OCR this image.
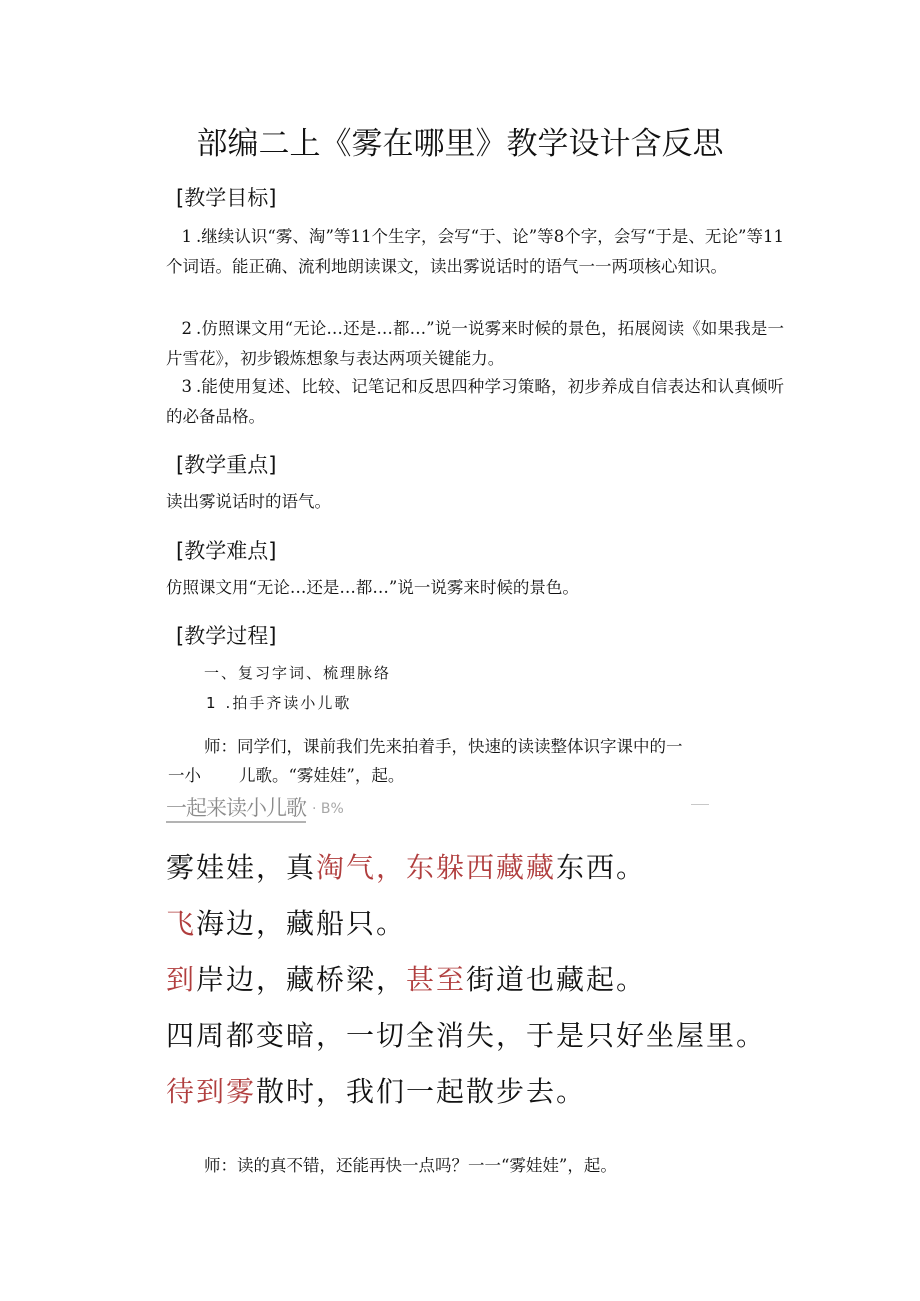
部编二上《雾在哪里》教学设计含反思
[教学目标]
1 .继续认识“雾、淘”等11个生字，会写“于、论”等8个字，会写“于是、无论”等11个词语。能正确、流利地朗读课文，读出雾说话时的语气一一两项核心知识。
2 .仿照课文用“无论…还是…都…”说一说雾来时候的景色，拓展阅读《如果我是一片雪花》，初步锻炼想象与表达两项关键能力。
3 .能使用复述、比较、记笔记和反思四种学习策略，初步养成自信表达和认真倾听的必备品格。
[教学重点]
读出雾说话时的语气。
[教学难点]
仿照课文用“无论…还是…都…”说一说雾来时候的景色。
[教学过程]
一、复习字词、梳理脉络
1 .拍手齐读小儿歌
师：同学们，课前我们先来拍着手，快速的读读整体识字课中的一
一小 儿歌。“雾娃娃”，起。
一起来读小儿歌 · B%
雾娃娃，真淘气，东躲西藏藏东西。
飞海边，藏船只。
到岸边，藏桥梁，甚至街道也藏起。
四周都变暗，一切全消失，于是只好坐屋里。
待到雾散时，我们一起散步去。
师：读的真不错，还能再快一点吗？一一“雾娃娃”，起。
